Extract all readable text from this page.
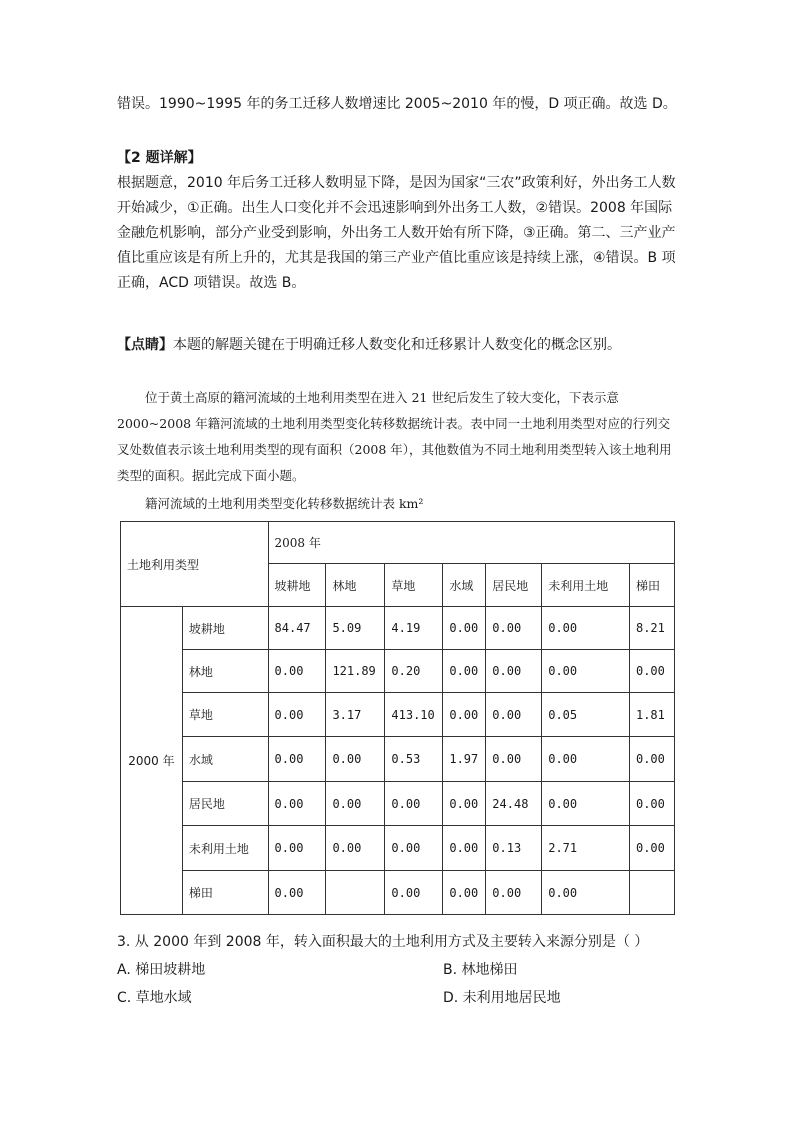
错误。1990~1995 年的务工迁移人数增速比 2005~2010 年的慢，D 项正确。故选 D。

【2 题详解】

根据题意，2010 年后务工迁移人数明显下降，是因为国家“三农”政策利好，外出务工人数开始减少，①正确。出生人口变化并不会迅速影响到外出务工人数，②错误。2008 年国际金融危机影响，部分产业受到影响，外出务工人数开始有所下降，③正确。第二、三产业产值比重应该是有所上升的，尤其是我国的第三产业产值比重应该是持续上涨，④错误。B 项正确，ACD 项错误。故选 B。

【点睛】本题的解题关键在于明确迁移人数变化和迁移累计人数变化的概念区别。

位于黄土高原的籍河流域的土地利用类型在进入 21 世纪后发生了较大变化，下表示意 2000~2008 年籍河流域的土地利用类型变化转移数据统计表。表中同一土地利用类型对应的行列交叉处数值表示该土地利用类型的现有面积（2008 年），其他数值为不同土地利用类型转入该土地利用类型的面积。据此完成下面小题。

籍河流域的土地利用类型变化转移数据统计表 km²
土地利用类型		2008 年						
		坡耕地	林地	草地	水域	居民地	未利用土地	梯田
2000 年	坡耕地	84.47	5.09	4.19	0.00	0.00	0.00	8.21
	林地	0.00	121.89	0.20	0.00	0.00	0.00	0.00
	草地	0.00	3.17	413.10	0.00	0.00	0.05	1.81
	水域	0.00	0.00	0.53	1.97	0.00	0.00	0.00
	居民地	0.00	0.00	0.00	0.00	24.48	0.00	0.00
	未利用土地	0.00	0.00	0.00	0.00	0.13	2.71	0.00
	梯田	0.00		0.00	0.00	0.00	0.00	
3. 从 2000 年到 2008 年，转入面积最大的土地利用方式及主要转入来源分别是（ ）
A. 梯田坡耕地	B. 林地梯田
C. 草地水域	D. 未利用地居民地
